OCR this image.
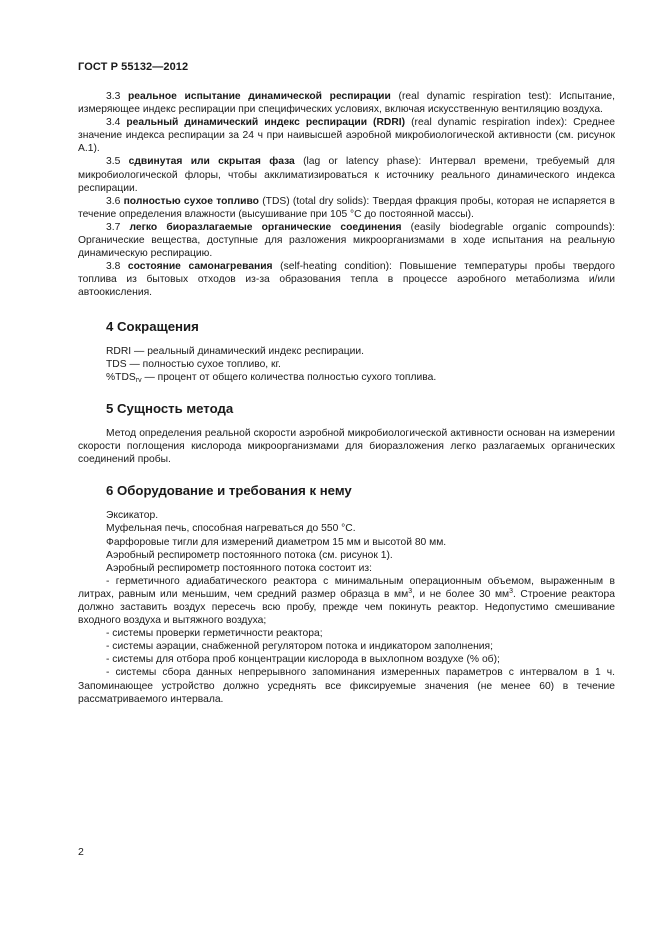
ГОСТ Р 55132—2012

3.3 реальное испытание динамической респирации (real dynamic respiration test): Испытание, измеряющее индекс респирации при специфических условиях, включая искусственную вентиляцию воздуха.

3.4 реальный динамический индекс респирации (RDRI) (real dynamic respiration index): Среднее значение индекса респирации за 24 ч при наивысшей аэробной микробиологической активности (см. рисунок А.1).

3.5 сдвинутая или скрытая фаза (lag or latency phase): Интервал времени, требуемый для микробиологической флоры, чтобы акклиматизироваться к источнику реального динамического индекса респирации.

3.6 полностью сухое топливо (TDS) (total dry solids): Твердая фракция пробы, которая не испаряется в течение определения влажности (высушивание при 105 °С до постоянной массы).

3.7 легко биоразлагаемые органические соединения (easily biodegrable organic compounds): Органические вещества, доступные для разложения микроорганизмами в ходе испытания на реальную динамическую респирацию.

3.8 состояние самонагревания (self-heating condition): Повышение температуры пробы твердого топлива из бытовых отходов из-за образования тепла в процессе аэробного метаболизма и/или автоокисления.

4 Сокращения

RDRI — реальный динамический индекс респирации.

TDS — полностью сухое топливо, кг.

$\%TDS_{rv}$ — процент от общего количества полностью сухого топлива.

5 Сущность метода

Метод определения реальной скорости аэробной микробиологической активности основан на измерении скорости поглощения кислорода микроорганизмами для биоразложения легко разлагаемых органических соединений пробы.

6 Оборудование и требования к нему

Эксикатор.

Муфельная печь, способная нагреваться до 550 °С.

Фарфоровые тигли для измерений диаметром 15 мм и высотой 80 мм.

Аэробный респирометр постоянного потока (см. рисунок 1).

Аэробный респирометр постоянного потока состоит из:

- герметичного адиабатического реактора с минимальным операционным объемом, выраженным в литрах, равным или меньшим, чем средний размер образца в $мм^3$, и не более 30 $мм^3$. Строение реактора должно заставить воздух пересечь всю пробу, прежде чем покинуть реактор. Недопустимо смешивание входного воздуха и вытяжного воздуха;

- системы проверки герметичности реактора;

- системы аэрации, снабженной регулятором потока и индикатором заполнения;

- системы для отбора проб концентрации кислорода в выхлопном воздухе (% об);

- системы сбора данных непрерывного запоминания измеренных параметров с интервалом в 1 ч. Запоминающее устройство должно усреднять все фиксируемые значения (не менее 60) в течение рассматриваемого интервала.

2
